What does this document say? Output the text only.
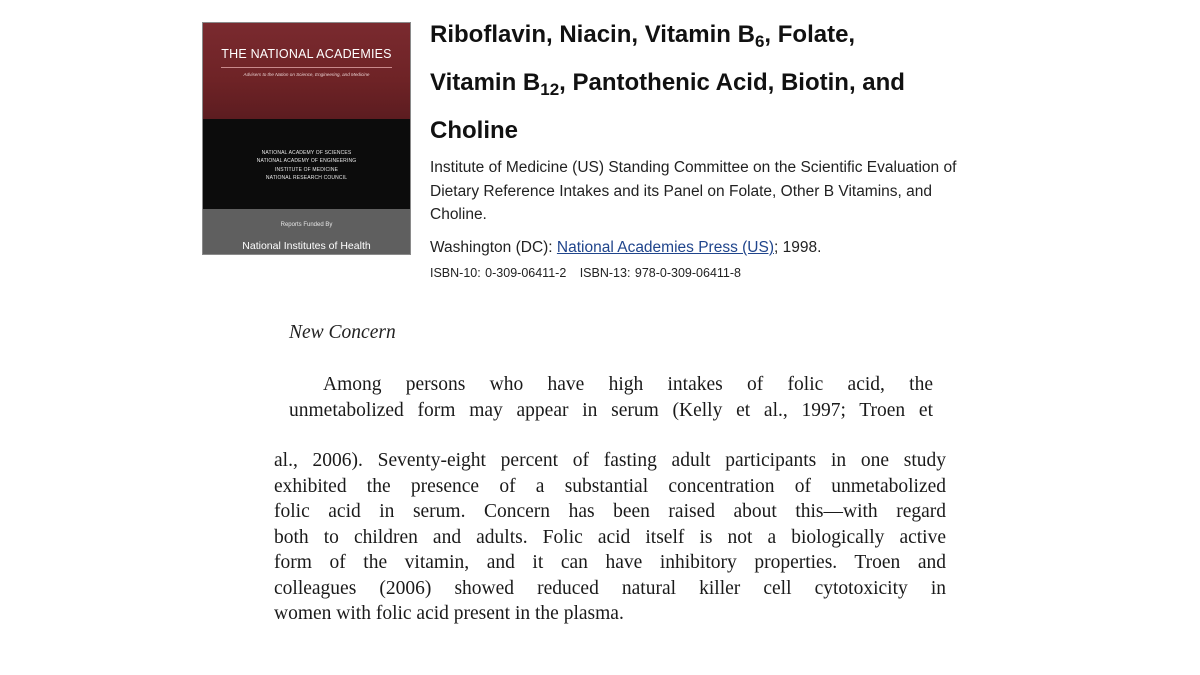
THE NATIONAL ACADEMIES
Advisers to the Nation on Science, Engineering, and Medicine
NATIONAL ACADEMY OF SCIENCES
NATIONAL ACADEMY OF ENGINEERING
INSTITUTE OF MEDICINE
NATIONAL RESEARCH COUNCIL
Reports Funded By
National Institutes of Health
Riboflavin, Niacin, Vitamin $B_6$, Folate,
Vitamin $B_{12}$, Pantothenic Acid, Biotin, and
Choline
Institute of Medicine (US) Standing Committee on the Scientific Evaluation of Dietary Reference Intakes and its Panel on Folate, Other B Vitamins, and Choline.
Washington (DC): National Academies Press (US); 1998.
ISBN-10: 0-309-06411-2 ISBN-13: 978-0-309-06411-8
New Concern
Among persons who have high intakes of folic acid, the
unmetabolized form may appear in serum (Kelly et al., 1997; Troen et
al., 2006). Seventy-eight percent of fasting adult participants in one study
exhibited the presence of a substantial concentration of unmetabolized
folic acid in serum. Concern has been raised about this—with regard
both to children and adults. Folic acid itself is not a biologically active
form of the vitamin, and it can have inhibitory properties. Troen and
colleagues (2006) showed reduced natural killer cell cytotoxicity in
women with folic acid present in the plasma.
